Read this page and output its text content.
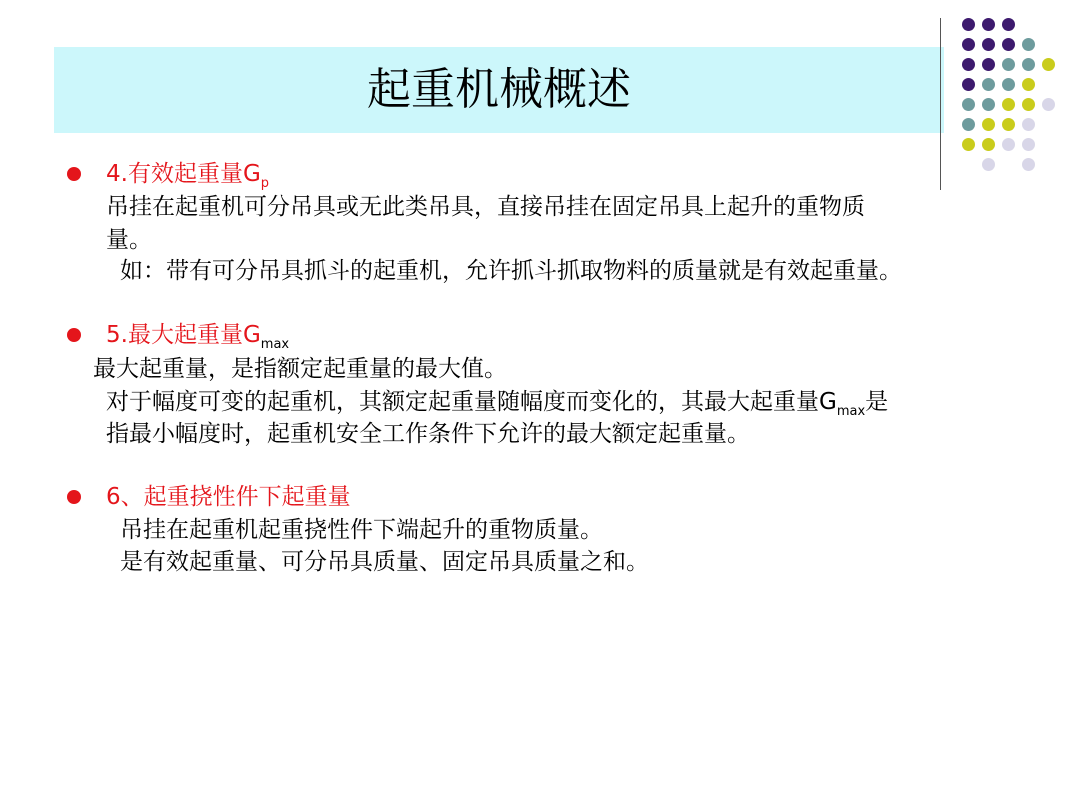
起重机械概述
4.有效起重量$G_p$
吊挂在起重机可分吊具或无此类吊具，直接吊挂在固定吊具上起升的重物质
量。
如：带有可分吊具抓斗的起重机，允许抓斗抓取物料的质量就是有效起重量。
5.最大起重量$G_{max}$
最大起重量，是指额定起重量的最大值。
对于幅度可变的起重机，其额定起重量随幅度而变化的，其最大起重量$G_{max}$是
指最小幅度时，起重机安全工作条件下允许的最大额定起重量。
6、起重挠性件下起重量
吊挂在起重机起重挠性件下端起升的重物质量。
是有效起重量、可分吊具质量、固定吊具质量之和。
